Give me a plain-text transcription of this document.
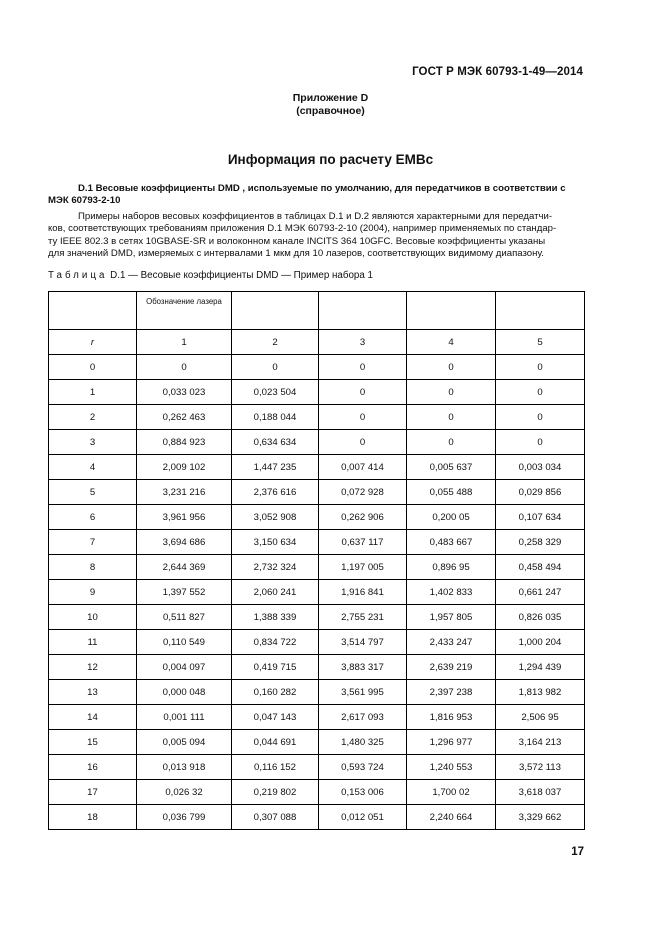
ГОСТ Р МЭК 60793-1-49—2014
Приложение D
(справочное)
Информация по расчету EMBc
D.1 Весовые коэффициенты DMD , используемые по умолчанию, для передатчиков в соответствии с МЭК 60793-2-10

Примеры наборов весовых коэффициентов в таблицах D.1 и D.2 являются характерными для передатчи-

ков, соответствующих требованиям приложения D.1 МЭК 60793-2-10 (2004), например применяемых по стандар-

ту IEEE 802.3 в сетях 10GBASE-SR и волоконном канале INCITS 364 10GFC. Весовые коэффициенты указаны

для значений DMD, измеряемых с интервалами 1 мкм для 10 лазеров, соответствующих видимому диапазону.

Таблица D.1 — Весовые коэффициенты DMD — Пример набора 1
	Обозначение лазера				
r	1	2	3	4	5
0	0	0	0	0	0
1	0,033 023	0,023 504	0	0	0
2	0,262 463	0,188 044	0	0	0
3	0,884 923	0,634 634	0	0	0
4	2,009 102	1,447 235	0,007 414	0,005 637	0,003 034
5	3,231 216	2,376 616	0,072 928	0,055 488	0,029 856
6	3,961 956	3,052 908	0,262 906	0,200 05	0,107 634
7	3,694 686	3,150 634	0,637 117	0,483 667	0,258 329
8	2,644 369	2,732 324	1,197 005	0,896 95	0,458 494
9	1,397 552	2,060 241	1,916 841	1,402 833	0,661 247
10	0,511 827	1,388 339	2,755 231	1,957 805	0,826 035
11	0,110 549	0,834 722	3,514 797	2,433 247	1,000 204
12	0,004 097	0,419 715	3,883 317	2,639 219	1,294 439
13	0,000 048	0,160 282	3,561 995	2,397 238	1,813 982
14	0,001 111	0,047 143	2,617 093	1,816 953	2,506 95
15	0,005 094	0,044 691	1,480 325	1,296 977	3,164 213
16	0,013 918	0,116 152	0,593 724	1,240 553	3,572 113
17	0,026 32	0,219 802	0,153 006	1,700 02	3,618 037
18	0,036 799	0,307 088	0,012 051	2,240 664	3,329 662
17
